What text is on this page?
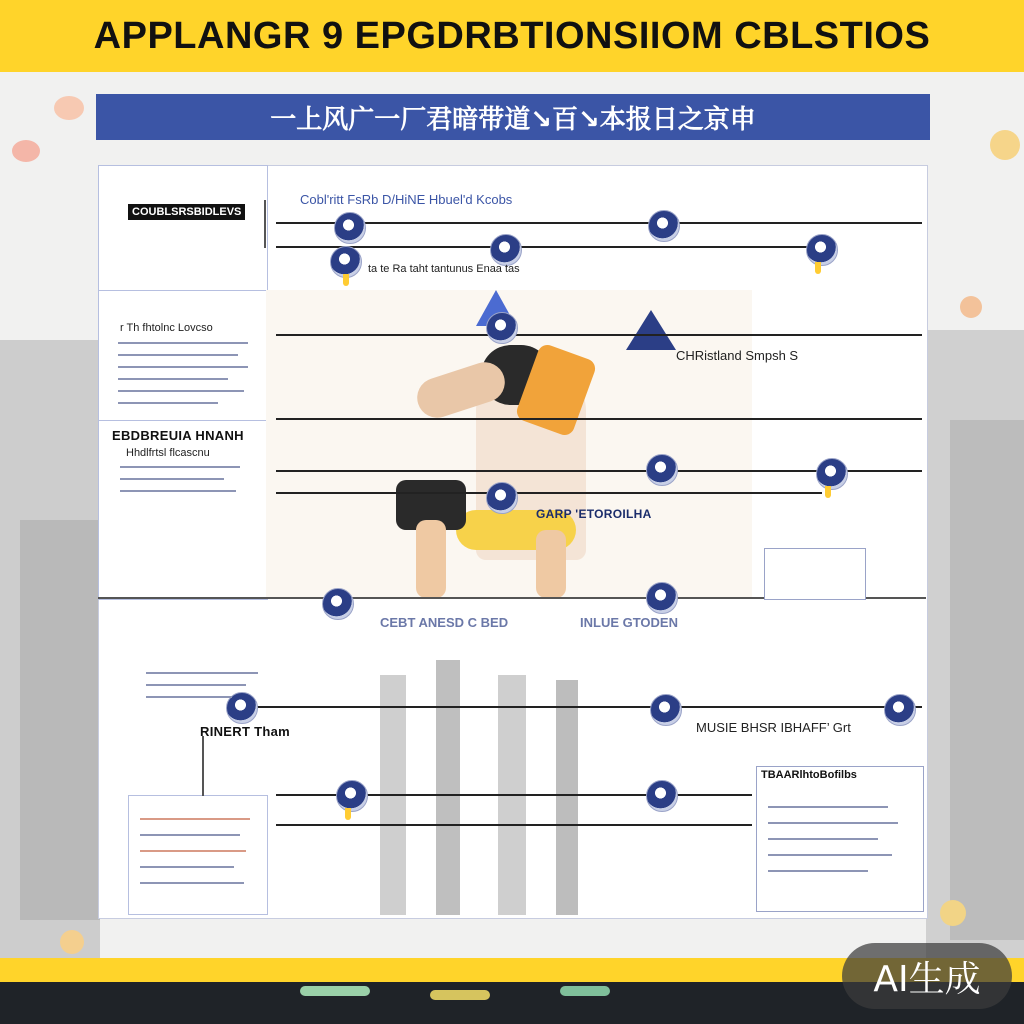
APPLANGR 9 EPGDRBTIONSIIOM CBLSTIOS
一上风广一厂君暗带道↘百↘本报日之京申
Cobl'ritt FsRb D/HiNE Hbuel'd Kcobs
COUBLSRSBIDLEVS
ta te Ra taht tantunus Enaa tas
r Th fhtolnc Lovcso
CHRistland Smpsh S
EBDBREUIA HNANH
Hhdlfrtsl flcascnu
GARP 'ETOROILHA
CEBT ANESD C BED	INLUE GTODEN
RINERT Tham	MUSIE BHSR IBHAFF’ Grt
TBAARlhtoBofilbs
AI生成
